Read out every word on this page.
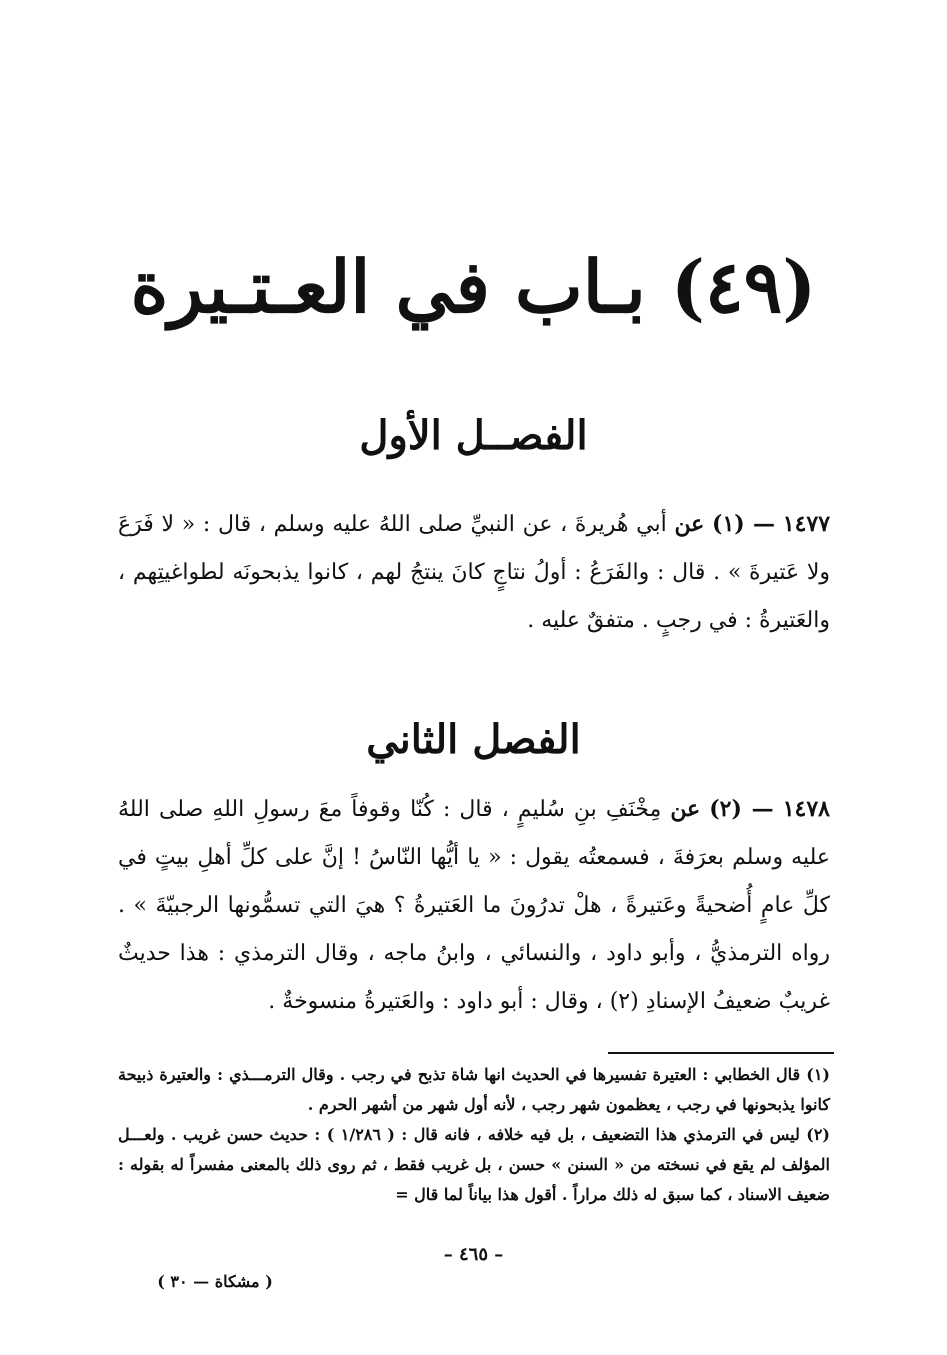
(٤٩) بـاب في العـتـيرة
الفصــل الأول
١٤٧٧ — (١) عن أبي هُريرةَ ، عن النبيِّ صلى اللهُ عليه وسلم ، قال : « لا فَرَعَ ولا عَتيرةَ » . قال : والفَرَعُ : أولُ نتاجٍ كانَ ينتجُ لهم ، كانوا يذبحونَه لطواغيتِهم ، والعَتيرةُ : في رجبٍ . متفقٌ عليه .
الفصل الثاني
١٤٧٨ — (٢) عن مِخْنَفِ بنِ سُليمٍ ، قال : كُنّا وقوفاً معَ رسولِ اللهِ صلى اللهُ عليه وسلم بعرَفةَ ، فسمعتُه يقول : « يا أيُّها النّاسُ ! إنَّ على كلِّ أهلِ بيتٍ في كلِّ عامٍ أُضحيةً وعَتيرةً ، هلْ تدرُونَ ما العَتيرةُ ؟ هيَ التي تسمُّونها الرجبيّةَ » . رواه الترمذيُّ ، وأبو داود ، والنسائي ، وابنُ ماجه ، وقال الترمذي : هذا حديثٌ غريبٌ ضعيفُ الإسنادِ (٢) ، وقال : أبو داود : والعَتيرةُ منسوخةٌ .

(١) قال الخطابي : العتيرة تفسيرها في الحديث انها شاة تذبح في رجب . وقال الترمـــذي : والعتيرة ذبيحة كانوا يذبحونها في رجب ، يعظمون شهر رجب ، لأنه أول شهر من أشهر الحرم .

(٢) ليس في الترمذي هذا التضعيف ، بل فيه خلافه ، فانه قال : ( ١/٢٨٦ ) : حديث حسن غريب . ولعـــل المؤلف لم يقع في نسخته من « السنن » حسن ، بل غريب فقط ، ثم روى ذلك بالمعنى مفسراً له بقوله : ضعيف الاسناد ، كما سبق له ذلك مراراً . أقول هذا بياناً لما قال =

– ٤٦٥ –
( مشكاة — ٣٠ )
